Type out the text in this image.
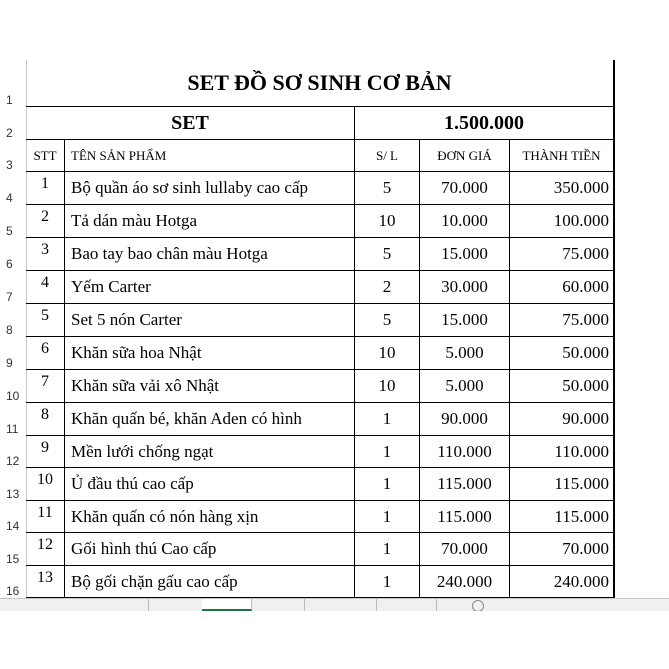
1
SET ĐỒ SƠ SINH CƠ BẢN
2	SET	1.500.000
3
STT	TÊN SẢN PHẨM	S/ L	ĐƠN GIÁ	THÀNH TIỀN
4
1	Bộ quần áo sơ sinh lullaby cao cấp	5	70.000	350.000
5
2	Tả dán màu Hotga	10	10.000	100.000
6
3	Bao tay bao chân màu Hotga	5	15.000	75.000
7
4	Yếm Carter	2	30.000	60.000
8
5	Set 5 nón Carter	5	15.000	75.000
9
6	Khăn sữa hoa Nhật	10	5.000	50.000
10
7	Khăn sữa vải xô Nhật	10	5.000	50.000
11
8	Khăn quấn bé, khăn Aden có hình	1	90.000	90.000
12
9	Mền lưới chống ngạt	1	110.000	110.000
13
10	Ủ đầu thú cao cấp	1	115.000	115.000
14
11	Khăn quấn có nón hàng xịn	1	115.000	115.000
15
12	Gối hình thú Cao cấp	1	70.000	70.000
16
13	Bộ gối chặn gấu cao cấp	1	240.000	240.000
